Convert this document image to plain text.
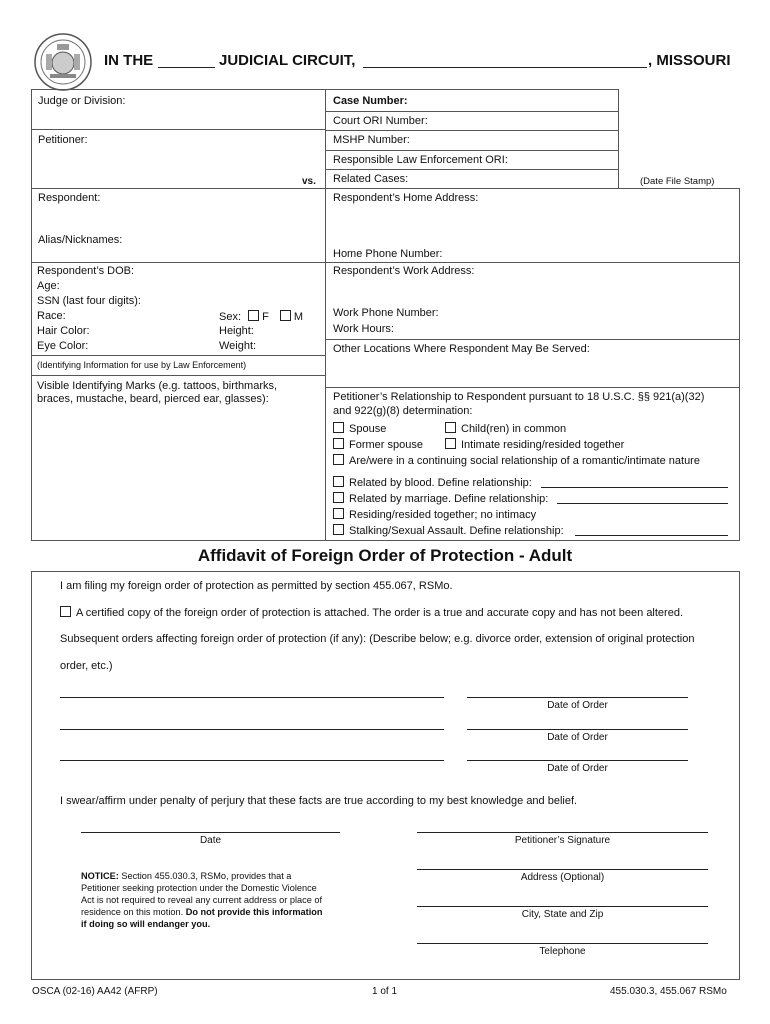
IN THE	JUDICIAL CIRCUIT,	, MISSOURI
Judge or Division:
Petitioner:
vs.
Respondent:
Alias/Nicknames:
Respondent’s DOB:
Age:
SSN (last four digits):
Race:	Sex: F M
Hair Color:	Height:
Eye Color:	Weight:
(Identifying Information for use by Law Enforcement)
Visible Identifying Marks (e.g. tattoos, birthmarks,
braces, mustache, beard, pierced ear, glasses):
Case Number:
Court ORI Number:
MSHP Number:
Responsible Law Enforcement ORI:
Related Cases:	(Date File Stamp)
Respondent’s Home Address:
Home Phone Number:
Respondent’s Work Address:
Work Phone Number:
Work Hours:
Other Locations Where Respondent May Be Served:
Petitioner’s Relationship to Respondent pursuant to 18 U.S.C. §§ 921(a)(32)
and 922(g)(8) determination:
Spouse	Child(ren) in common
Former spouse	Intimate residing/resided together
Are/were in a continuing social relationship of a romantic/intimate nature
Related by blood. Define relationship:
Related by marriage. Define relationship:
Residing/resided together; no intimacy
Stalking/Sexual Assault. Define relationship:
Affidavit of Foreign Order of Protection - Adult
I am filing my foreign order of protection as permitted by section 455.067, RSMo.
A certified copy of the foreign order of protection is attached. The order is a true and accurate copy and has not been altered.
Subsequent orders affecting foreign order of protection (if any): (Describe below; e.g. divorce order, extension of original protection
order, etc.)
Date of Order
Date of Order
Date of Order
I swear/affirm under penalty of perjury that these facts are true according to my best knowledge and belief.
Date	Petitioner’s Signature
Address (Optional)
City, State and Zip
Telephone
NOTICE: Section 455.030.3, RSMo, provides that a
Petitioner seeking protection under the Domestic Violence
Act is not required to reveal any current address or place of
residence on this motion. Do not provide this information
if doing so will endanger you.
OSCA (02-16) AA42 (AFRP)	1 of 1	455.030.3, 455.067 RSMo
